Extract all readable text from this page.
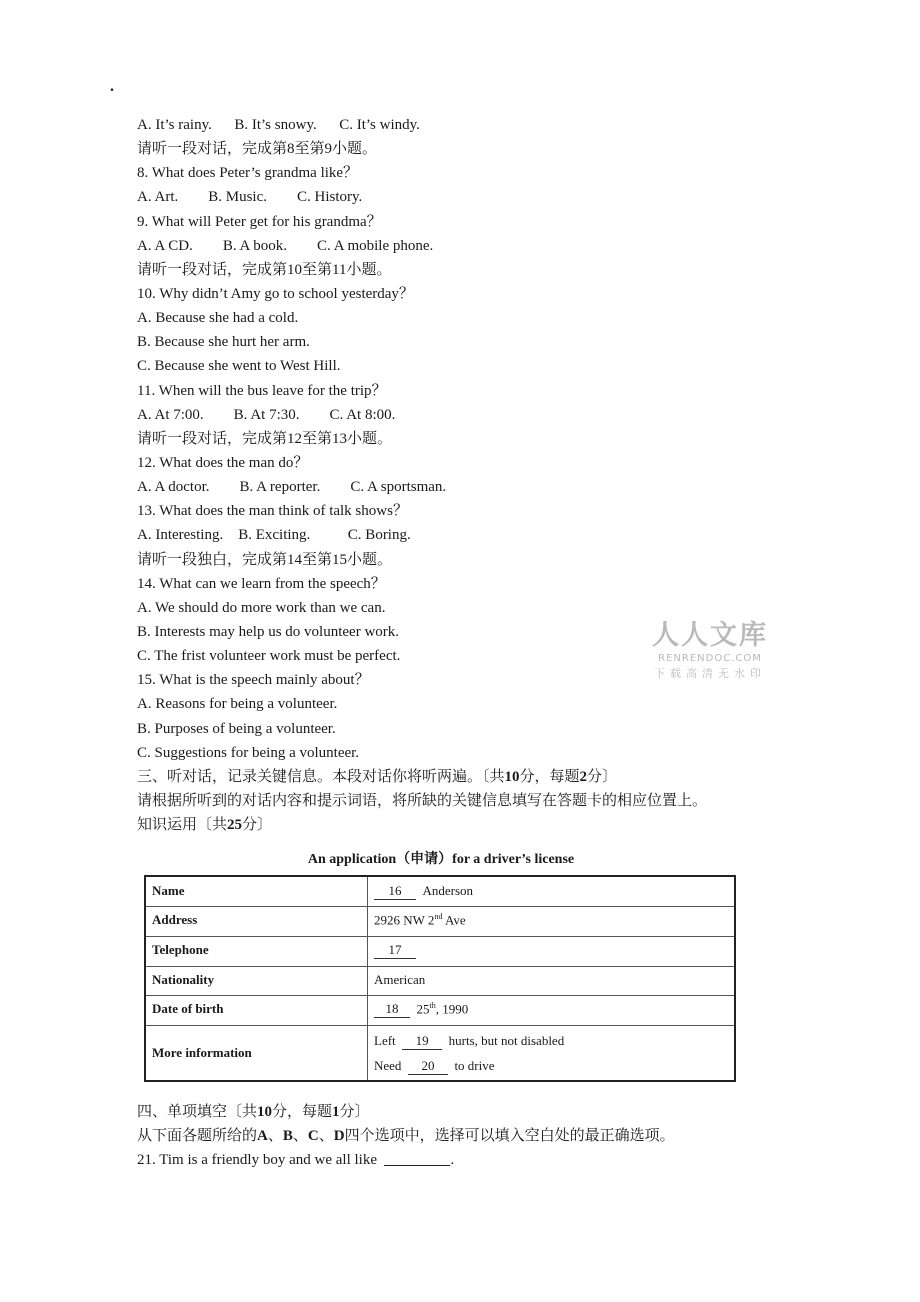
.
A. It’s rainy.      B. It’s snowy.      C. It’s windy.
请听一段对话，完成第8至第9小题。
8. What does Peter’s grandma like？
A. Art.        B. Music.        C. History.
9. What will Peter get for his grandma？
A. A CD.        B. A book.        C. A mobile phone.
请听一段对话，完成第10至第11小题。
10. Why didn’t Amy go to school yesterday？
A. Because she had a cold.
B. Because she hurt her arm.
C. Because she went to West Hill.
11. When will the bus leave for the trip？
A. At 7:00.        B. At 7:30.        C. At 8:00.
请听一段对话，完成第12至第13小题。
12. What does the man do？
A. A doctor.        B. A reporter.        C. A sportsman.
13. What does the man think of talk shows？
A. Interesting.    B. Exciting.          C. Boring.
请听一段独白，完成第14至第15小题。
14. What can we learn from the speech？
A. We should do more work than we can.
B. Interests may help us do volunteer work.
C. The frist volunteer work must be perfect.
15. What is the speech mainly about？
A. Reasons for being a volunteer.
B. Purposes of being a volunteer.
C. Suggestions for being a volunteer.
三、听对话，记录关键信息。本段对话你将听两遍。〔共10分，每题2分〕
请根据所听到的对话内容和提示词语，将所缺的关键信息填写在答题卡的相应位置上。
知识运用〔共25分〕
人人文库
RENRENDOC.COM
下载高清无水印
An application（申请）for a driver’s license
Name	16 Anderson
Address	2926 NW 2nd Ave
Telephone	17
Nationality	American
Date of birth	18 25th, 1990
More information
Left 19 hurts, but not disabled
Need 20 to drive
四、单项填空〔共10分，每题1分〕
从下面各题所给的A、B、C、D四个选项中，选择可以填入空白处的最正确选项。
21. Tim is a friendly boy and we all like	.
